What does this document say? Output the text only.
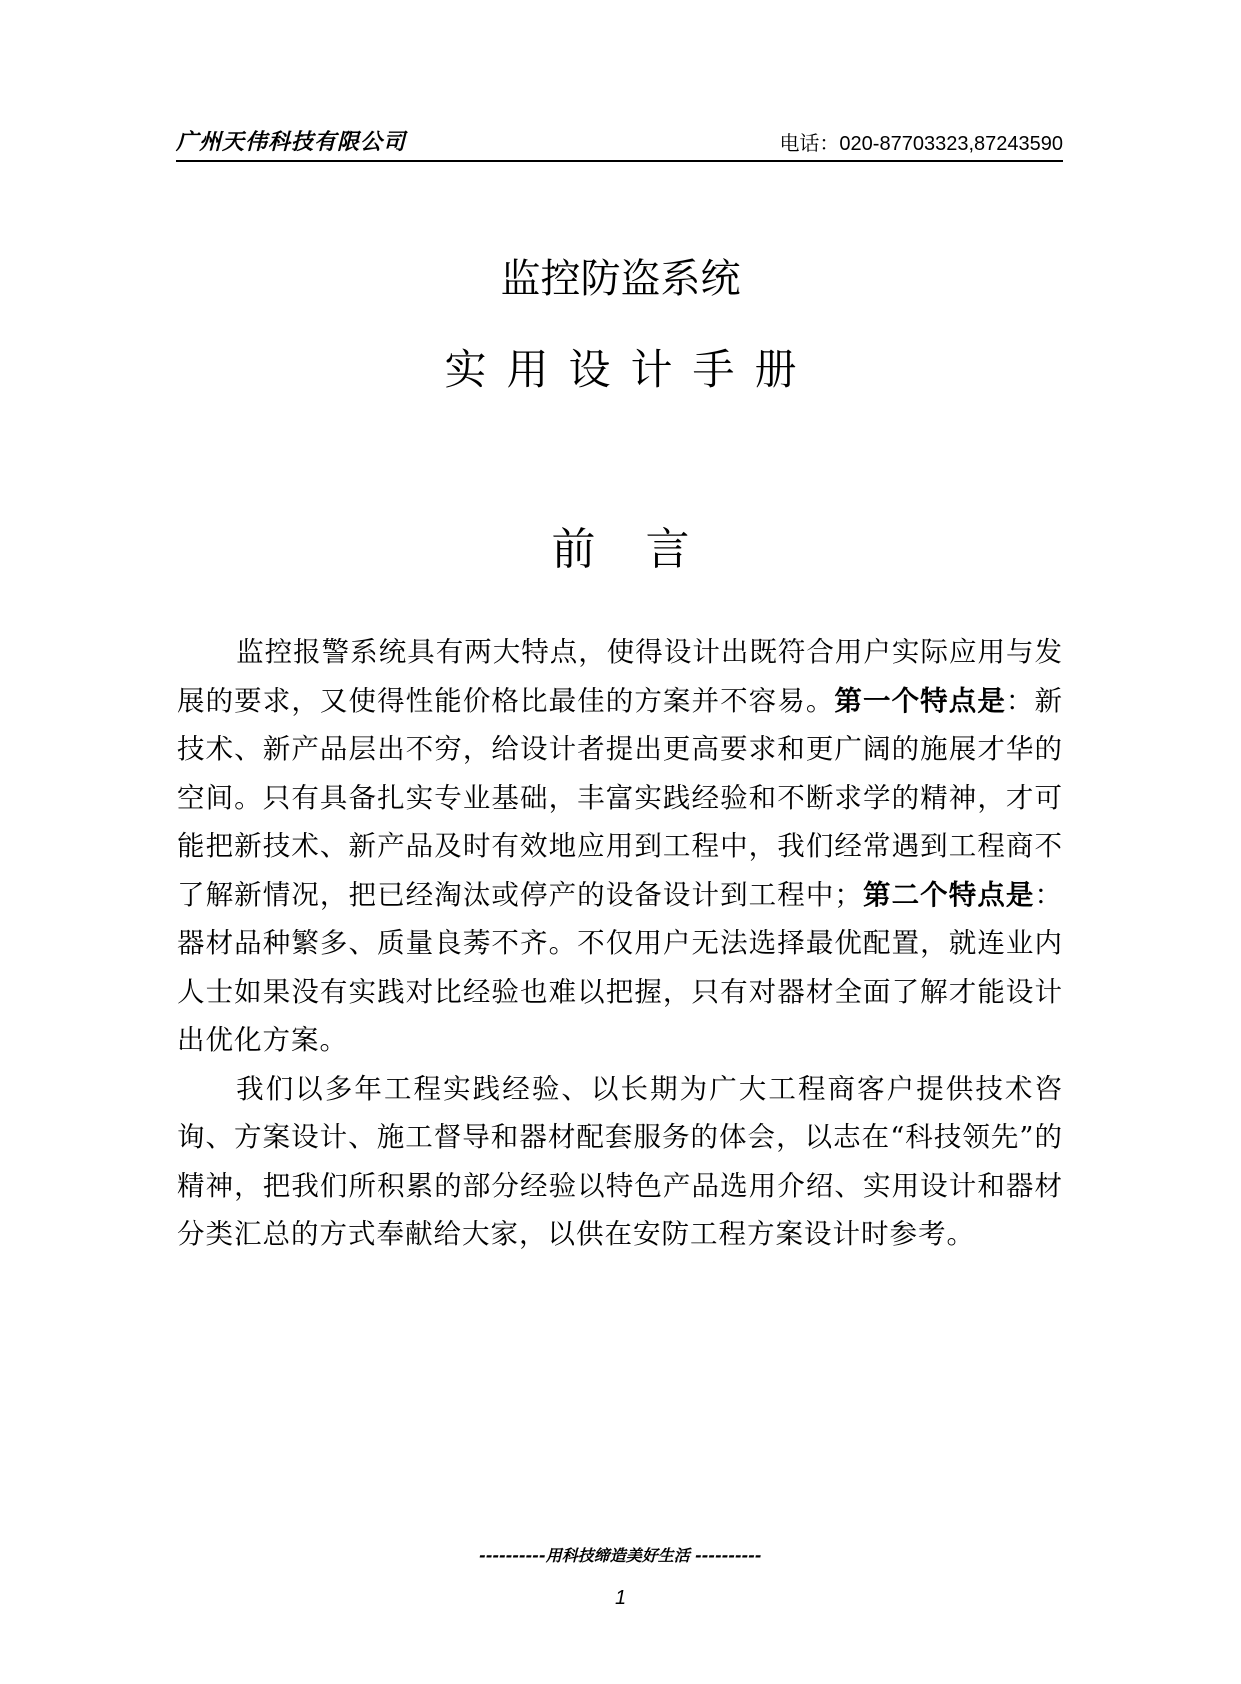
广州天伟科技有限公司	电话：020-87703323,87243590
监控防盗系统
实用设计手册
前言

监控报警系统具有两大特点，使得设计出既符合用户实际应用与发展的要求，又使得性能价格比最佳的方案并不容易。第一个特点是：新技术、新产品层出不穷，给设计者提出更高要求和更广阔的施展才华的空间。只有具备扎实专业基础，丰富实践经验和不断求学的精神，才可能把新技术、新产品及时有效地应用到工程中，我们经常遇到工程商不了解新情况，把已经淘汰或停产的设备设计到工程中；第二个特点是：器材品种繁多、质量良莠不齐。不仅用户无法选择最优配置，就连业内人士如果没有实践对比经验也难以把握，只有对器材全面了解才能设计出优化方案。

我们以多年工程实践经验、以长期为广大工程商客户提供技术咨询、方案设计、施工督导和器材配套服务的体会，以志在“科技领先”的精神，把我们所积累的部分经验以特色产品选用介绍、实用设计和器材分类汇总的方式奉献给大家，以供在安防工程方案设计时参考。

----------用科技缔造美好生活 ----------
1
